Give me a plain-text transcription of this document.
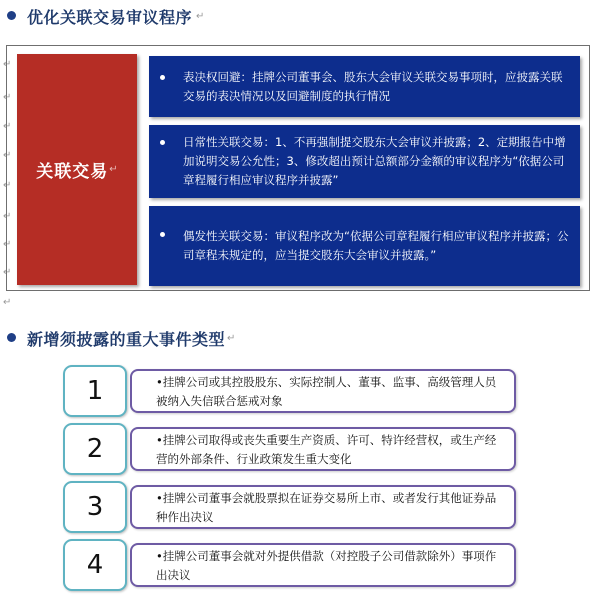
优化关联交易审议程序 ↵
↵
↵
↵
↵
↵
↵
↵
↵
↵
关联交易 ↵
表决权回避：挂牌公司董事会、股东大会审议关联交易事项时，应披露关联交易的表决情况以及回避制度的执行情况
日常性关联交易：1、不再强制提交股东大会审议并披露；2、定期报告中增加说明交易公允性；3、修改超出预计总额部分金额的审议程序为“依据公司章程履行相应审议程序并披露”
偶发性关联交易：审议程序改为“依据公司章程履行相应审议程序并披露；公司章程未规定的，应当提交股东大会审议并披露。”
新增须披露的重大事件类型 ↵
1	•挂牌公司或其控股股东、实际控制人、董事、监事、高级管理人员被纳入失信联合惩戒对象
2	•挂牌公司取得或丧失重要生产资质、许可、特许经营权，或生产经营的外部条件、行业政策发生重大变化
3	•挂牌公司董事会就股票拟在证券交易所上市、或者发行其他证券品种作出决议
4	•挂牌公司董事会就对外提供借款（对控股子公司借款除外）事项作出决议
